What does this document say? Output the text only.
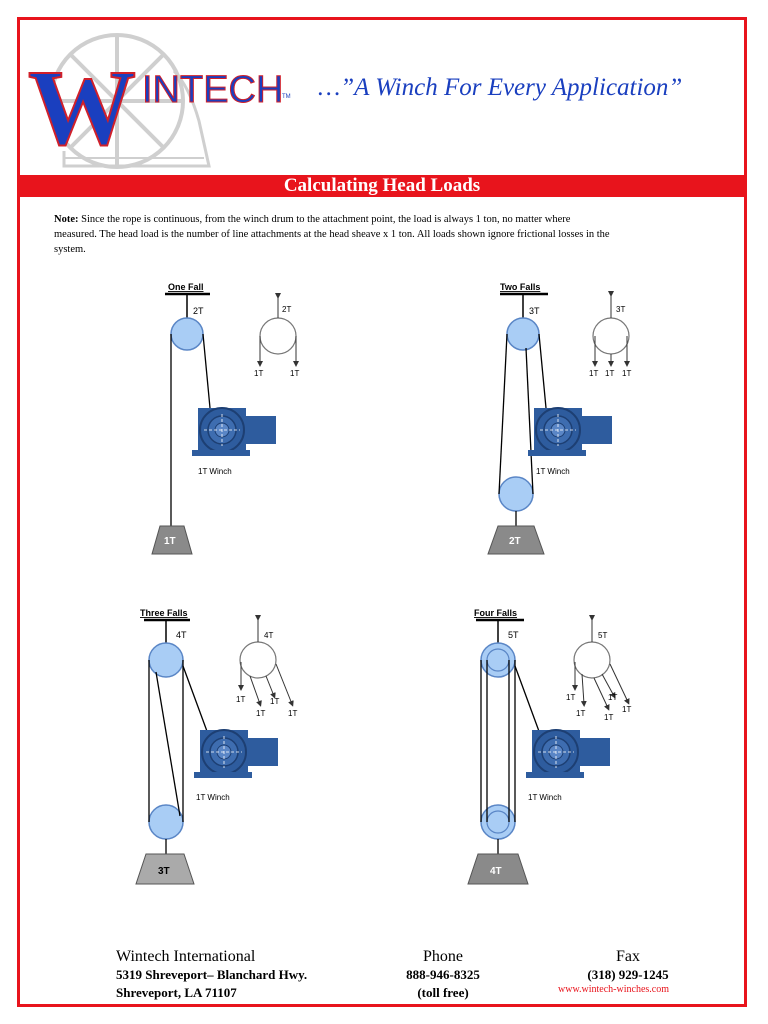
W INTECH
TM …”A Winch For Every Application”
Calculating Head Loads
Note: Since the rope is continuous, from the winch drum to the attachment point, the load is always 1 ton, no matter where measured. The head load is the number of line attachments at the head sheave x 1 ton. All loads shown ignore frictional losses in the system.
One Fall
2T
1T Winch
1T
2T
1T	1T
Two Falls
3T
1T Winch
2T
3T
1T 1T 1T
Three Falls
4T
1T Winch
3T
4T
1T
1T
1T
1T
Four Falls
5T
1T Winch
4T
5T
1T
1T 1T
1T
1T
Wintech International
5319 Shreveport– Blanchard Hwy.
Shreveport, LA 71107
Phone
888-946-8325
(toll free)
Fax
(318) 929-1245
www.wintech-winches.com
